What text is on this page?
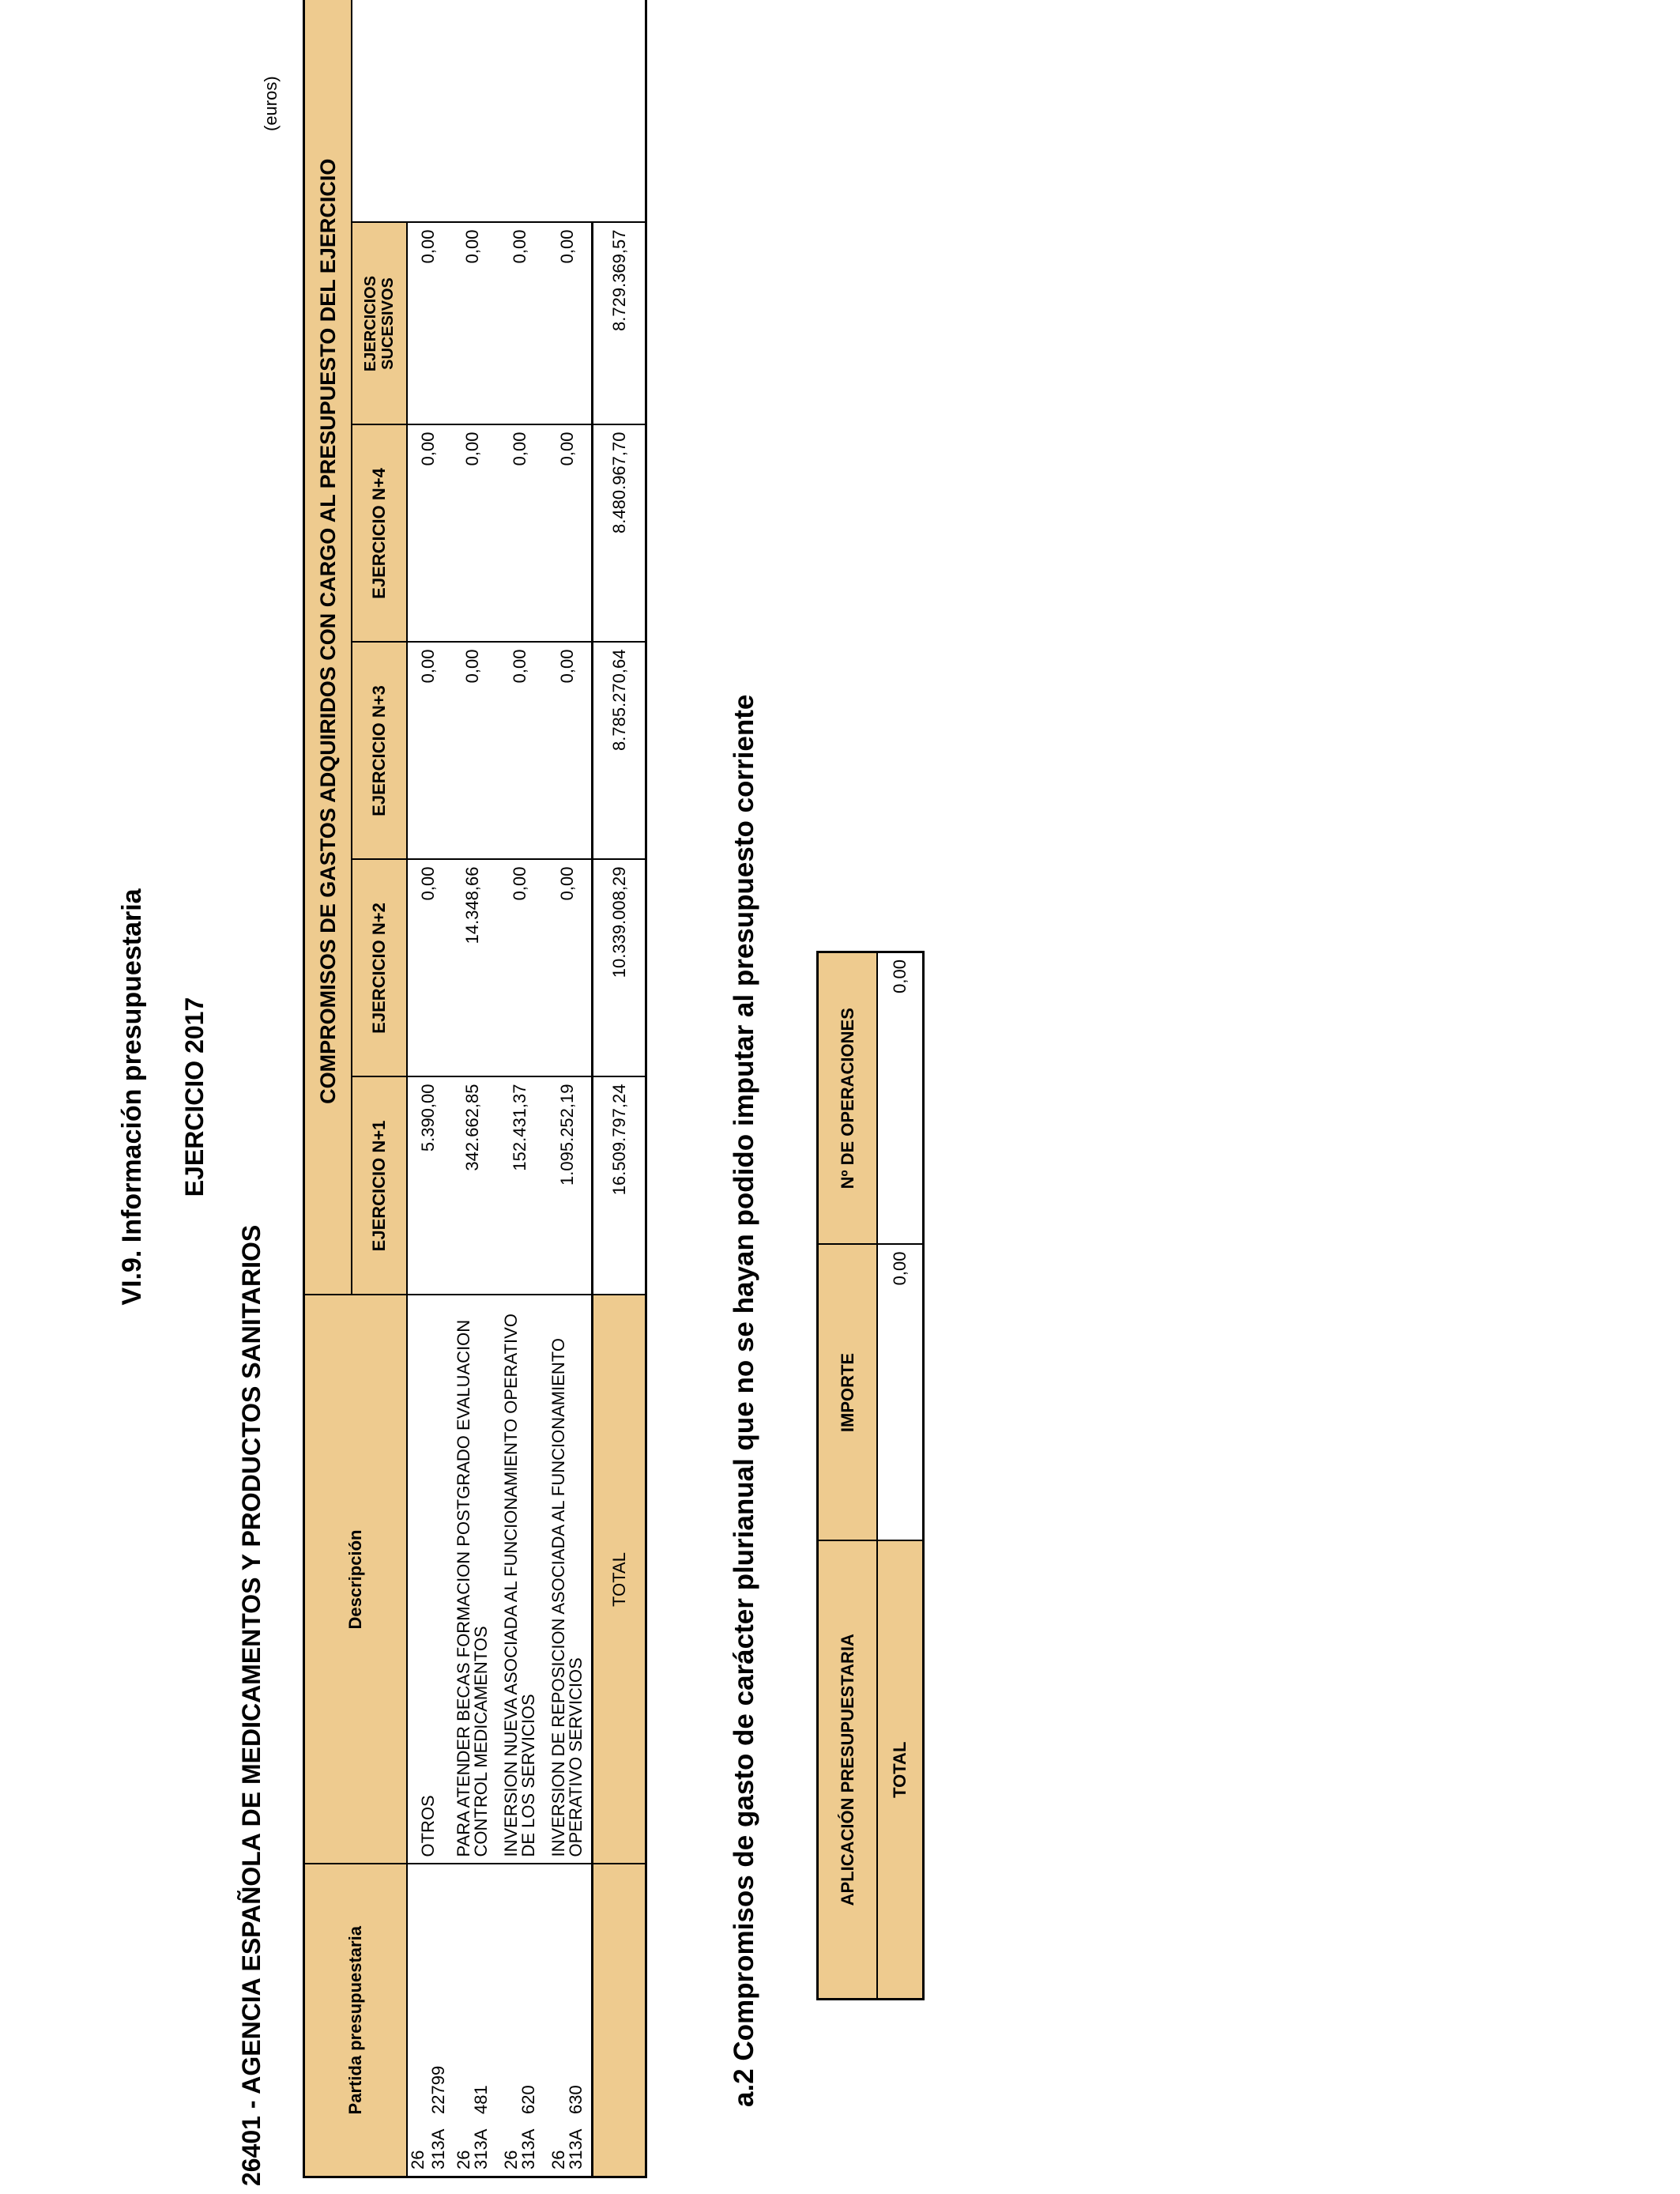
VI.9. Información presupuestaria EJERCICIO 2017
26401 - AGENCIA ESPAÑOLA DE MEDICAMENTOS Y PRODUCTOS SANITARIOS
(euros)
Partida presupuestaria	Descripción	COMPROMISOS DE GASTOS ADQUIRIDOS CON CARGO AL PRESUPUESTO DEL EJERCICIO				
		EJERCICIO N+1	EJERCICIO N+2	EJERCICIO N+3	EJERCICIO N+4	EJERCICIOS SUCESIVOS

26 313A22799	OTROS	5.390,00	0,00	0,00	0,00	0,00
26 313A481	PARA ATENDER BECAS FORMACION POSTGRADO EVALUACION CONTROL MEDICAMENTOS	342.662,85	14.348,66	0,00	0,00	0,00
26 313A620	INVERSION NUEVA ASOCIADA AL FUNCIONAMIENTO OPERATIVO DE LOS SERVICIOS	152.431,37	0,00	0,00	0,00	0,00
26 313A630	INVERSION DE REPOSICION ASOCIADA AL FUNCIONAMIENTO OPERATIVO SERVICIOS	1.095.252,19	0,00	0,00	0,00	0,00
	TOTAL	16.509.797,24	10.339.008,29	8.785.270,64	8.480.967,70	8.729.369,57
a.2 Compromisos de gasto de carácter plurianual que no se hayan podido imputar al presupuesto corriente	APLICACIÓN PRESUPUESTARIA	IMPORTE	Nº DE OPERACIONES
TOTAL	0,00	0,00
